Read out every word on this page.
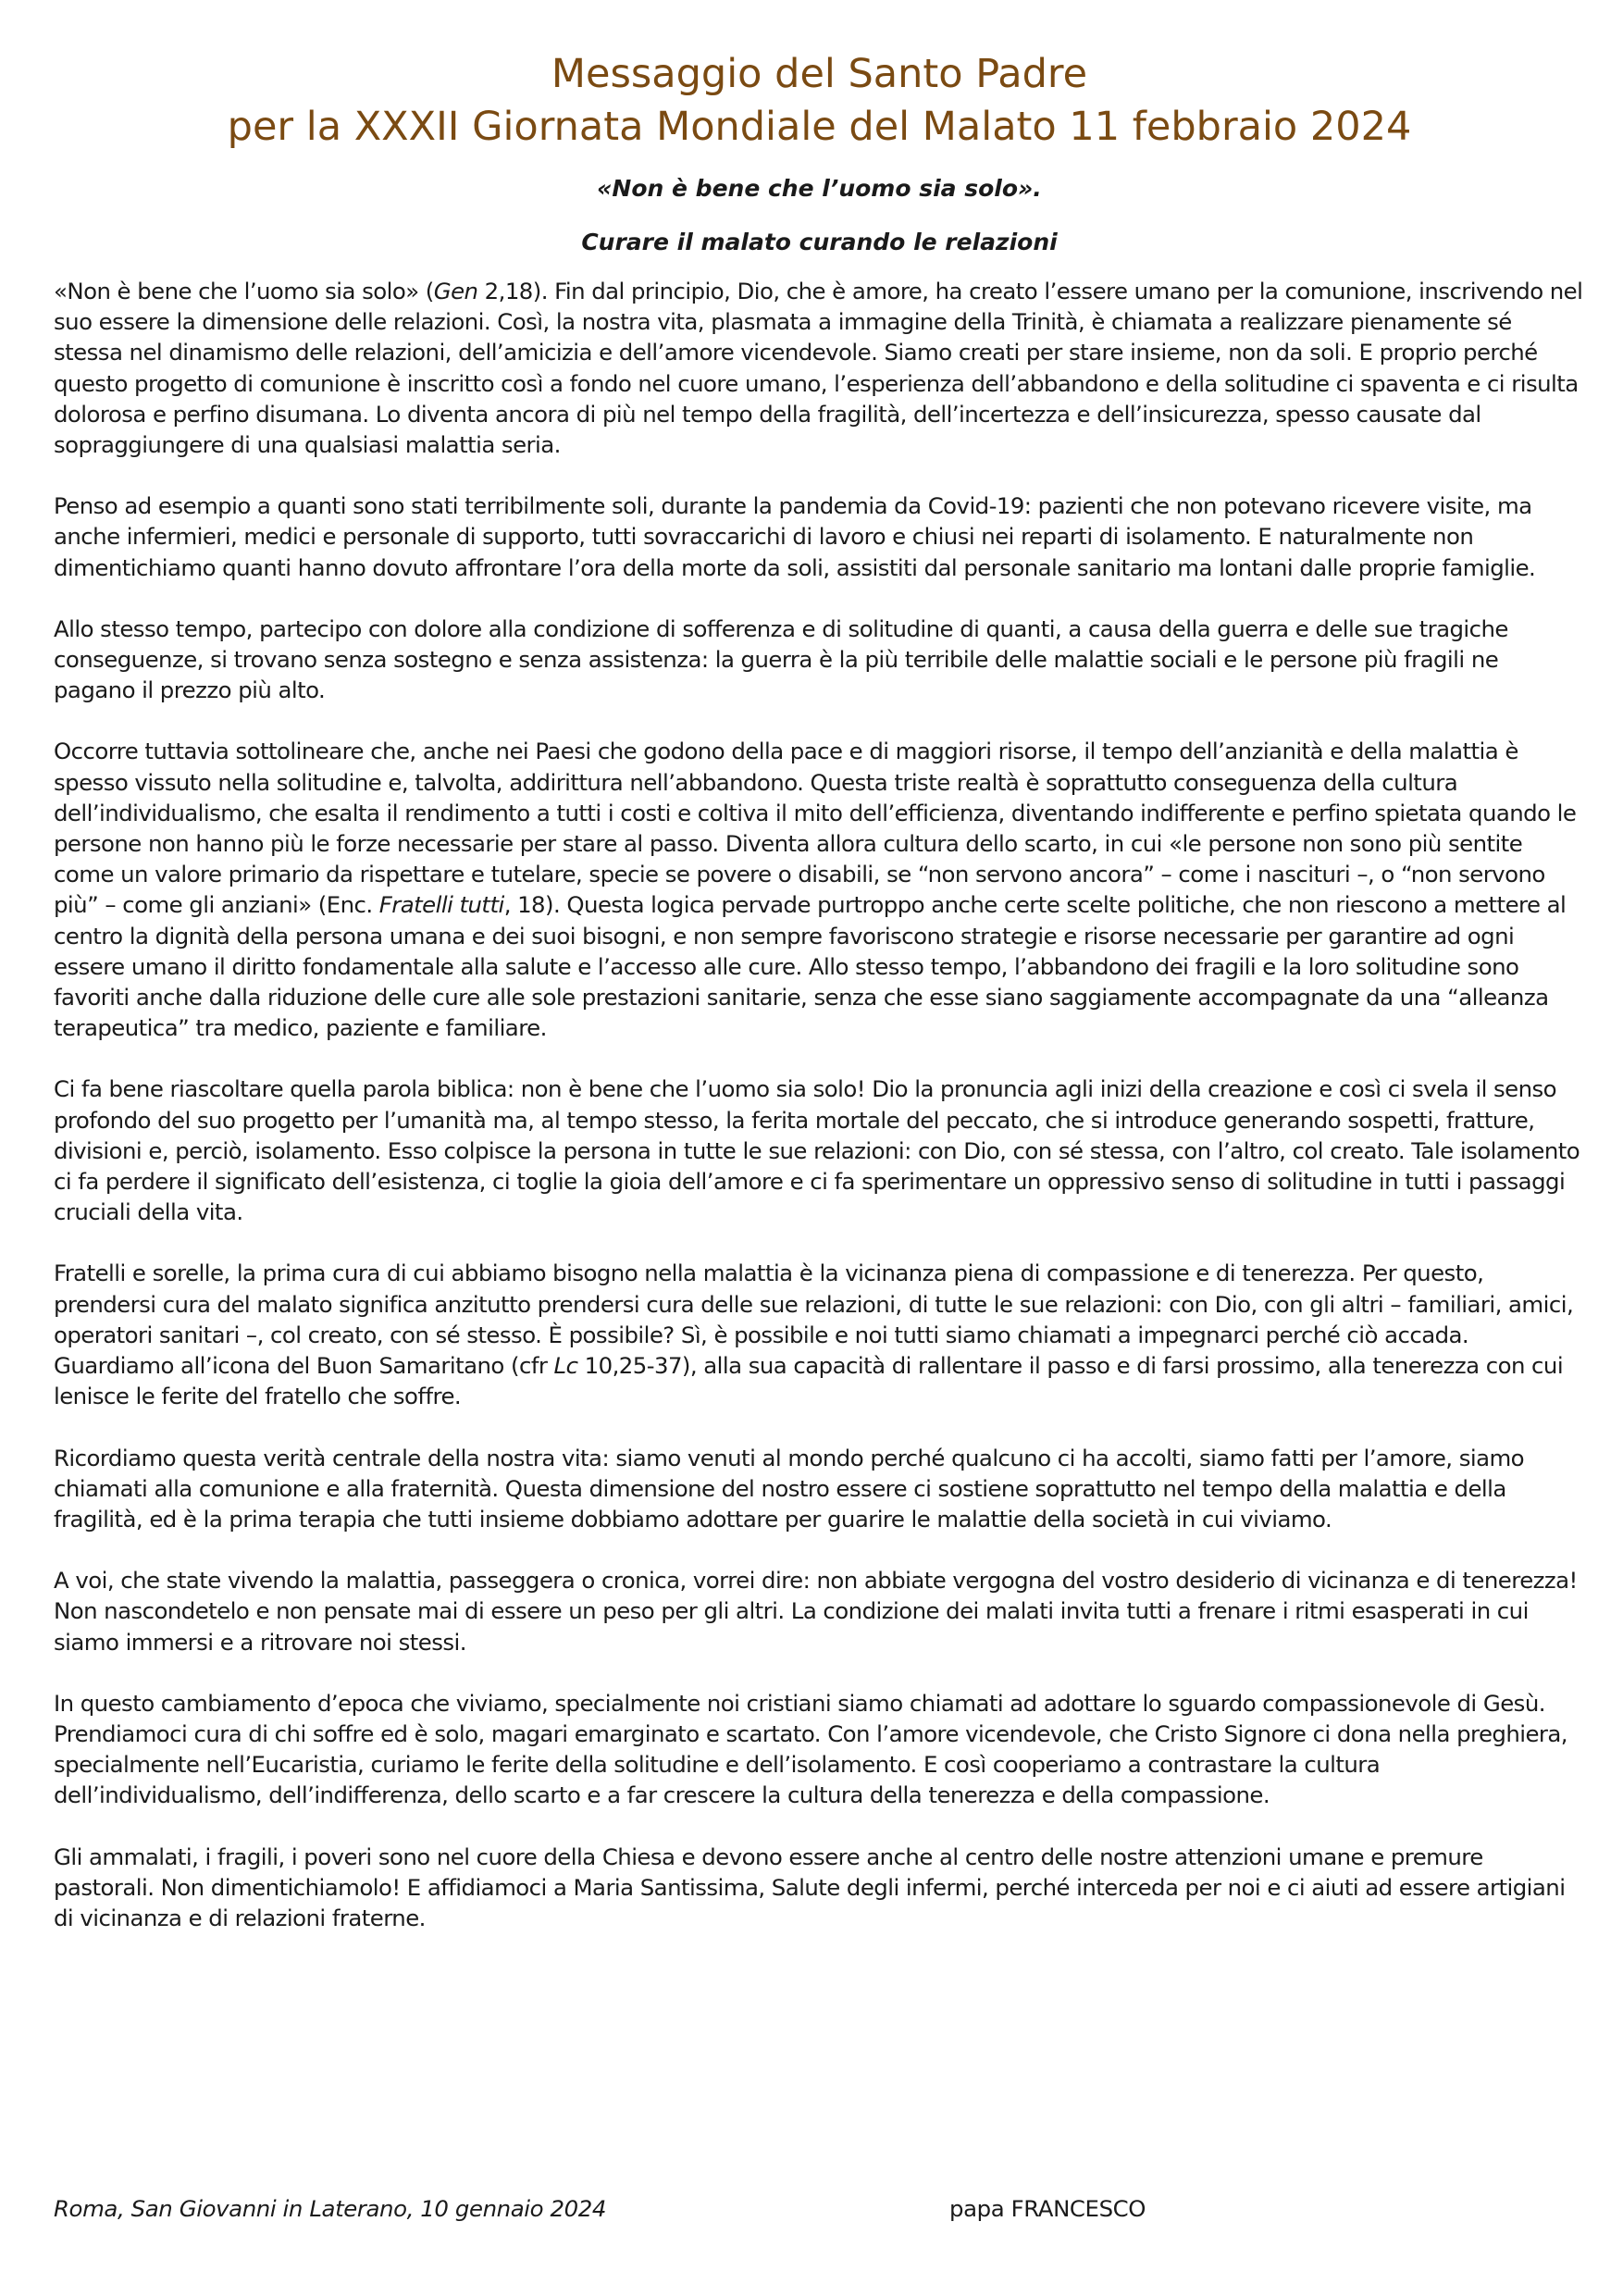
Messaggio del Santo Padre
per la XXXII Giornata Mondiale del Malato 11 febbraio 2024

«Non è bene che l’uomo sia solo».

Curare il malato curando le relazioni

«Non è bene che l’uomo sia solo» (Gen 2,18). Fin dal principio, Dio, che è amore, ha creato l’essere umano per la comunione, inscrivendo nel suo essere la dimensione delle relazioni. Così, la nostra vita, plasmata a immagine della Trinità, è chiamata a realizzare pienamente sé stessa nel dinamismo delle relazioni, dell’amicizia e dell’amore vicendevole. Siamo creati per stare insieme, non da soli. E proprio perché questo progetto di comunione è inscritto così a fondo nel cuore umano, l’esperienza dell’abbandono e della solitudine ci spaventa e ci risulta dolorosa e perfino disumana. Lo diventa ancora di più nel tempo della fragilità, dell’incertezza e dell’insicurezza, spesso causate dal sopraggiungere di una qualsiasi malattia seria.

Penso ad esempio a quanti sono stati terribilmente soli, durante la pandemia da Covid-19: pazienti che non potevano ricevere visite, ma anche infermieri, medici e personale di supporto, tutti sovraccarichi di lavoro e chiusi nei reparti di isolamento. E naturalmente non dimentichiamo quanti hanno dovuto affrontare l’ora della morte da soli, assistiti dal personale sanitario ma lontani dalle proprie famiglie.

Allo stesso tempo, partecipo con dolore alla condizione di sofferenza e di solitudine di quanti, a causa della guerra e delle sue tragiche conseguenze, si trovano senza sostegno e senza assistenza: la guerra è la più terribile delle malattie sociali e le persone più fragili ne pagano il prezzo più alto.

Occorre tuttavia sottolineare che, anche nei Paesi che godono della pace e di maggiori risorse, il tempo dell’anzianità e della malattia è spesso vissuto nella solitudine e, talvolta, addirittura nell’abbandono. Questa triste realtà è soprattutto conseguenza della cultura dell’individualismo, che esalta il rendimento a tutti i costi e coltiva il mito dell’efficienza, diventando indifferente e perfino spietata quando le persone non hanno più le forze necessarie per stare al passo. Diventa allora cultura dello scarto, in cui «le persone non sono più sentite come un valore primario da rispettare e tutelare, specie se povere o disabili, se “non servono ancora” – come i nascituri –, o “non servono più” – come gli anziani» (Enc. Fratelli tutti, 18). Questa logica pervade purtroppo anche certe scelte politiche, che non riescono a mettere al centro la dignità della persona umana e dei suoi bisogni, e non sempre favoriscono strategie e risorse necessarie per garantire ad ogni essere umano il diritto fondamentale alla salute e l’accesso alle cure. Allo stesso tempo, l’abbandono dei fragili e la loro solitudine sono favoriti anche dalla riduzione delle cure alle sole prestazioni sanitarie, senza che esse siano saggiamente accompagnate da una “alleanza terapeutica” tra medico, paziente e familiare.

Ci fa bene riascoltare quella parola biblica: non è bene che l’uomo sia solo! Dio la pronuncia agli inizi della creazione e così ci svela il senso profondo del suo progetto per l’umanità ma, al tempo stesso, la ferita mortale del peccato, che si introduce generando sospetti, fratture, divisioni e, perciò, isolamento. Esso colpisce la persona in tutte le sue relazioni: con Dio, con sé stessa, con l’altro, col creato. Tale isolamento ci fa perdere il significato dell’esistenza, ci toglie la gioia dell’amore e ci fa sperimentare un oppressivo senso di solitudine in tutti i passaggi cruciali della vita.

Fratelli e sorelle, la prima cura di cui abbiamo bisogno nella malattia è la vicinanza piena di compassione e di tenerezza. Per questo, prendersi cura del malato significa anzitutto prendersi cura delle sue relazioni, di tutte le sue relazioni: con Dio, con gli altri – familiari, amici, operatori sanitari –, col creato, con sé stesso. È possibile? Sì, è possibile e noi tutti siamo chiamati a impegnarci perché ciò accada. Guardiamo all’icona del Buon Samaritano (cfr Lc 10,25-37), alla sua capacità di rallentare il passo e di farsi prossimo, alla tenerezza con cui lenisce le ferite del fratello che soffre.

Ricordiamo questa verità centrale della nostra vita: siamo venuti al mondo perché qualcuno ci ha accolti, siamo fatti per l’amore, siamo chiamati alla comunione e alla fraternità. Questa dimensione del nostro essere ci sostiene soprattutto nel tempo della malattia e della fragilità, ed è la prima terapia che tutti insieme dobbiamo adottare per guarire le malattie della società in cui viviamo.

A voi, che state vivendo la malattia, passeggera o cronica, vorrei dire: non abbiate vergogna del vostro desiderio di vicinanza e di tenerezza! Non nascondetelo e non pensate mai di essere un peso per gli altri. La condizione dei malati invita tutti a frenare i ritmi esasperati in cui siamo immersi e a ritrovare noi stessi.

In questo cambiamento d’epoca che viviamo, specialmente noi cristiani siamo chiamati ad adottare lo sguardo compassionevole di Gesù. Prendiamoci cura di chi soffre ed è solo, magari emarginato e scartato. Con l’amore vicendevole, che Cristo Signore ci dona nella preghiera, specialmente nell’Eucaristia, curiamo le ferite della solitudine e dell’isolamento. E così cooperiamo a contrastare la cultura dell’individualismo, dell’indifferenza, dello scarto e a far crescere la cultura della tenerezza e della compassione.

Gli ammalati, i fragili, i poveri sono nel cuore della Chiesa e devono essere anche al centro delle nostre attenzioni umane e premure pastorali. Non dimentichiamolo! E affidiamoci a Maria Santissima, Salute degli infermi, perché interceda per noi e ci aiuti ad essere artigiani di vicinanza e di relazioni fraterne.

Roma, San Giovanni in Laterano, 10 gennaio 2024	papa FRANCESCO
